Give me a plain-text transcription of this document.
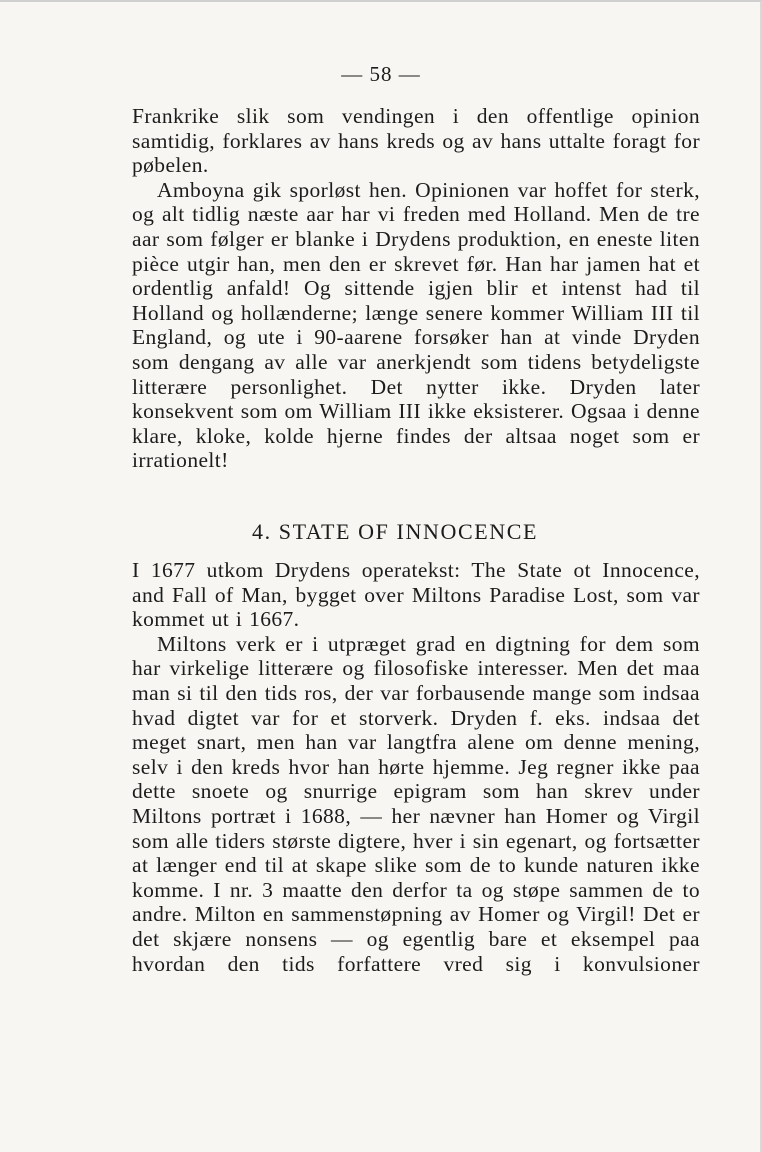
— 58 —

Frankrike slik som vendingen i den offentlige opinion samtidig, forklares av hans kreds og av hans uttalte foragt for pøbelen.

Amboyna gik sporløst hen. Opinionen var hoffet for sterk, og alt tidlig næste aar har vi freden med Holland. Men de tre aar som følger er blanke i Drydens produktion, en eneste liten pièce utgir han, men den er skrevet før. Han har jamen hat et ordentlig anfald! Og sittende igjen blir et intenst had til Holland og hollænderne; længe senere kommer William III til England, og ute i 90-aarene forsøker han at vinde Dryden som dengang av alle var anerkjendt som tidens betydeligste litterære personlighet. Det nytter ikke. Dryden later konsekvent som om William III ikke eksisterer. Ogsaa i denne klare, kloke, kolde hjerne findes der altsaa noget som er irrationelt!

4. STATE OF INNOCENCE

I 1677 utkom Drydens operatekst: The State ot Innocence, and Fall of Man, bygget over Miltons Paradise Lost, som var kommet ut i 1667.

Miltons verk er i utpræget grad en digtning for dem som har virkelige litterære og filosofiske interesser. Men det maa man si til den tids ros, der var forbausende mange som indsaa hvad digtet var for et storverk. Dryden f. eks. indsaa det meget snart, men han var langtfra alene om denne mening, selv i den kreds hvor han hørte hjemme. Jeg regner ikke paa dette snoete og snurrige epigram som han skrev under Miltons portræt i 1688, — her nævner han Homer og Virgil som alle tiders største digtere, hver i sin egenart, og fortsætter at længer end til at skape slike som de to kunde naturen ikke komme. I nr. 3 maatte den derfor ta og støpe sammen de to andre. Milton en sammenstøpning av Homer og Virgil! Det er det skjære nonsens — og egentlig bare et eksempel paa hvordan den tids forfattere vred sig i konvulsioner
